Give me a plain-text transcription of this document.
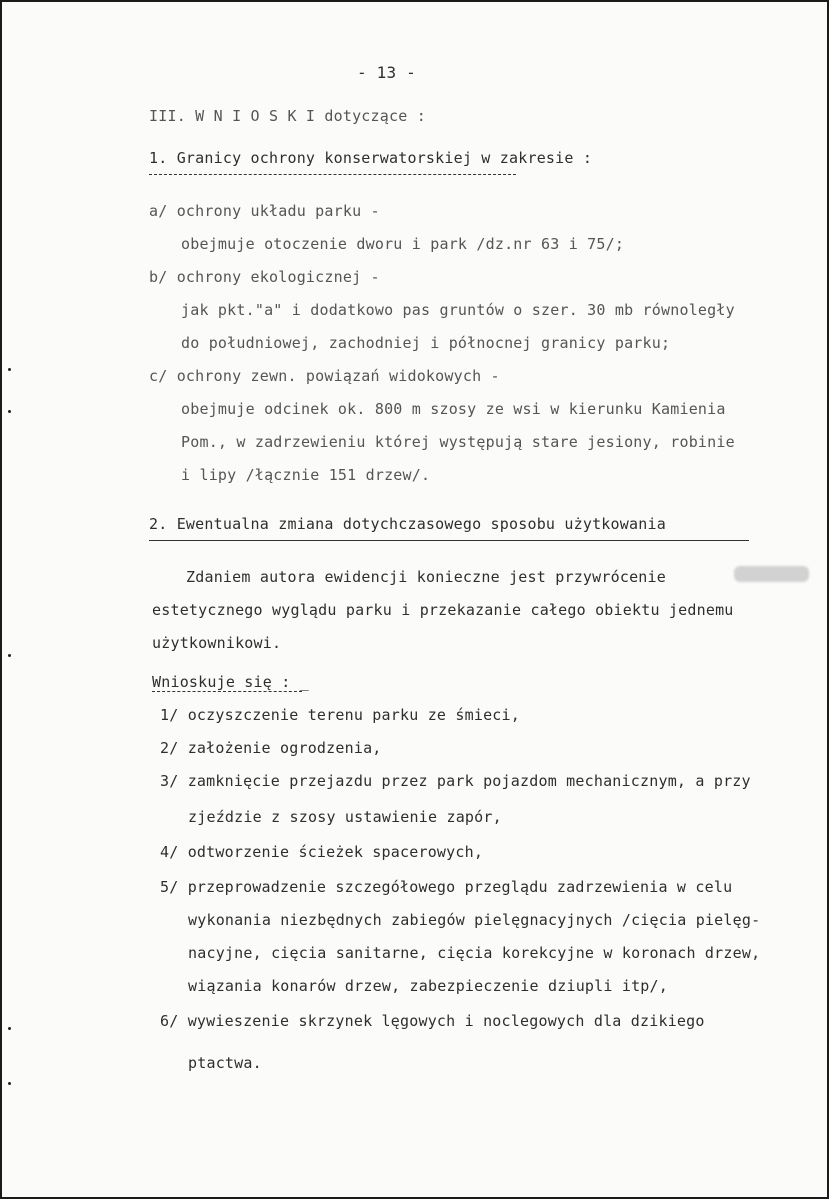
- 13 -
III. W N I O S K I dotyczące :
1. Granicy ochrony konserwatorskiej w zakresie :
a/ ochrony układu parku -
obejmuje otoczenie dworu i park /dz.nr 63 i 75/;
b/ ochrony ekologicznej -
jak pkt."a" i dodatkowo pas gruntów o szer. 30 mb równoległy
do południowej, zachodniej i północnej granicy parku;
c/ ochrony zewn. powiązań widokowych -
obejmuje odcinek ok. 800 m szosy ze wsi w kierunku Kamienia
Pom., w zadrzewieniu której występują stare jesiony, robinie
i lipy /łącznie 151 drzew/.
2. Ewentualna zmiana dotychczasowego sposobu użytkowania
Zdaniem autora ewidencji konieczne jest przywrócenie
estetycznego wyglądu parku i przekazanie całego obiektu jednemu
użytkownikowi.
Wnioskuje się : _
1/ oczyszczenie terenu parku ze śmieci,
2/ założenie ogrodzenia,
3/ zamknięcie przejazdu przez park pojazdom mechanicznym, a przy
zjeździe z szosy ustawienie zapór,
4/ odtworzenie ścieżek spacerowych,
5/ przeprowadzenie szczegółowego przeglądu zadrzewienia w celu
wykonania niezbędnych zabiegów pielęgnacyjnych /cięcia pielęg-
nacyjne, cięcia sanitarne, cięcia korekcyjne w koronach drzew,
wiązania konarów drzew, zabezpieczenie dziupli itp/,
6/ wywieszenie skrzynek lęgowych i noclegowych dla dzikiego
ptactwa.
